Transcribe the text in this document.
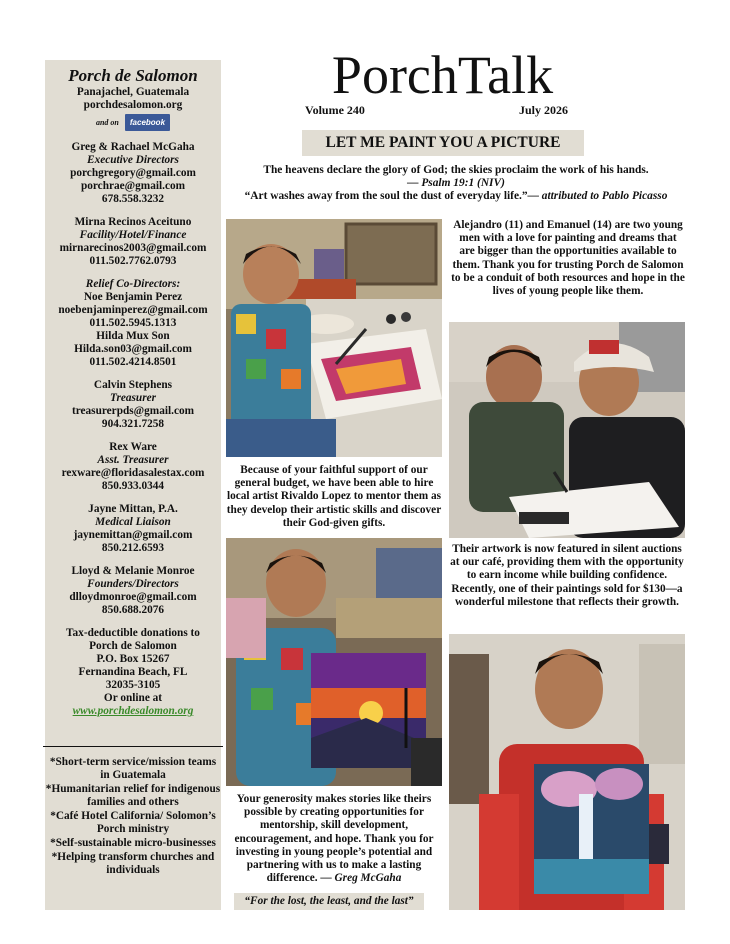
Porch de Salomon
Panajachel, Guatemala
porchdesalomon.org
and on	facebook
Greg & Rachael McGaha
Executive Directors
porchgregory@gmail.com
porchrae@gmail.com
678.558.3232
Mirna Recinos Aceituno
Facility/Hotel/Finance
mirnarecinos2003@gmail.com
011.502.7762.0793
Relief Co-Directors:
Noe Benjamin Perez
noebenjaminperez@gmail.com
011.502.5945.1313
Hilda Mux Son
Hilda.son03@gmail.com
011.502.4214.8501
Calvin Stephens
Treasurer
treasurerpds@gmail.com
904.321.7258
Rex Ware
Asst. Treasurer
rexware@floridasalestax.com
850.933.0344
Jayne Mittan, P.A.
Medical Liaison
jaynemittan@gmail.com
850.212.6593
Lloyd & Melanie Monroe
Founders/Directors
dlloydmonroe@gmail.com
850.688.2076
Tax-deductible donations to
Porch de Salomon
P.O. Box 15267
Fernandina Beach, FL
32035-3105
Or online at
www.porchdesalomon.org
*Short-term service/mission teams in Guatemala
*Humanitarian relief for indigenous families and others
*Café Hotel California/ Solomon’s Porch ministry
*Self-sustainable micro-businesses
*Helping transform churches and individuals
PorchTalk
Volume 240	July 2026
LET ME PAINT YOU A PICTURE
The heavens declare the glory of God; the skies proclaim the work of his hands.
— Psalm 19:1 (NIV)
“Art washes away from the soul the dust of everyday life.”— attributed to Pablo Picasso
Alejandro (11) and Emanuel (14) are two young men with a love for painting and dreams that are bigger than the opportunities available to them. Thank you for trusting Porch de Salomon to be a conduit of both resources and hope in the lives of young people like them.
Because of your faithful support of our general budget, we have been able to hire local artist Rivaldo Lopez to mentor them as they develop their artistic skills and discover their God-given gifts.
Their artwork is now featured in silent auctions at our café, providing them with the opportunity to earn income while building confidence. Recently, one of their paintings sold for $130—a wonderful milestone that reflects their growth.
Your generosity makes stories like theirs possible by creating opportunities for mentorship, skill development, encouragement, and hope. Thank you for investing in young people’s potential and partnering with us to make a lasting difference. — Greg McGaha
“For the lost, the least, and the last”
